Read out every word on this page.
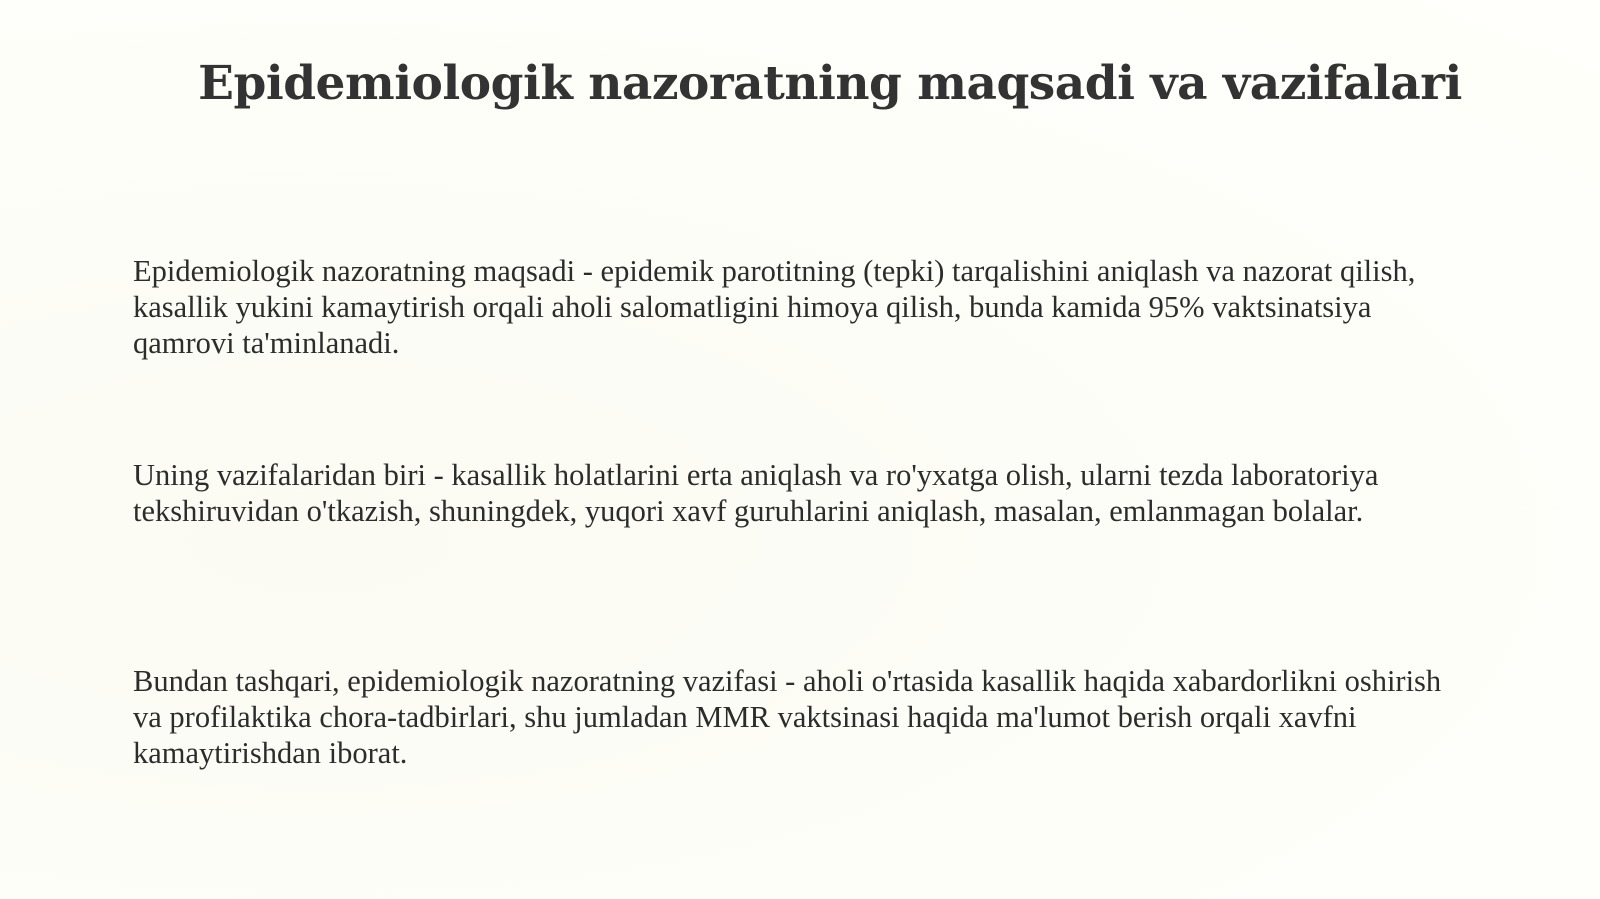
Epidemiologik nazoratning maqsadi va vazifalari
Epidemiologik nazoratning maqsadi - epidemik parotitning (tepki) tarqalishini aniqlash va nazorat qilish, kasallik yukini kamaytirish orqali aholi salomatligini himoya qilish, bunda kamida 95% vaktsinatsiya qamrovi ta'minlanadi.
Uning vazifalaridan biri - kasallik holatlarini erta aniqlash va ro'yxatga olish, ularni tezda laboratoriya tekshiruvidan o'tkazish, shuningdek, yuqori xavf guruhlarini aniqlash, masalan, emlanmagan bolalar.
Bundan tashqari, epidemiologik nazoratning vazifasi - aholi o'rtasida kasallik haqida xabardorlikni oshirish va profilaktika chora-tadbirlari, shu jumladan MMR vaktsinasi haqida ma'lumot berish orqali xavfni kamaytirishdan iborat.
